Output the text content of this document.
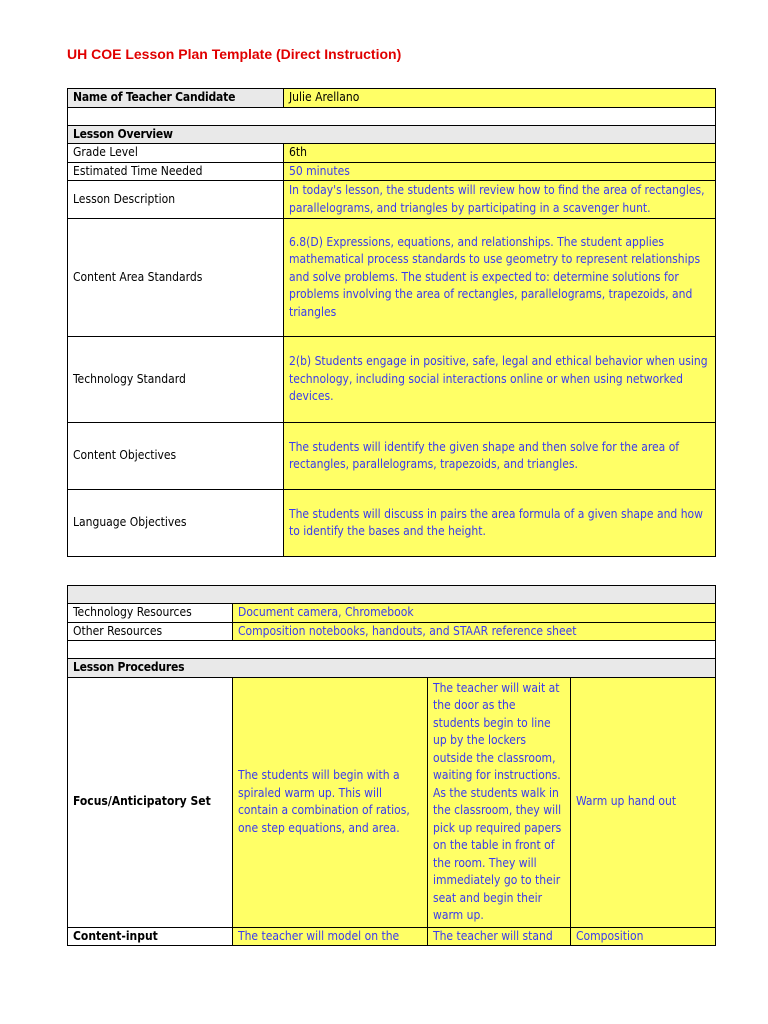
UH COE Lesson Plan Template (Direct Instruction)
Name of Teacher Candidate	Julie Arellano

Lesson Overview	
Grade Level	6th
Estimated Time Needed	50 minutes
Lesson Description	In today's lesson, the students will review how to find the area of rectangles, parallelograms, and triangles by participating in a scavenger hunt.
Content Area Standards	6.8(D) Expressions, equations, and relationships. The student applies mathematical process standards to use geometry to represent relationships and solve problems. The student is expected to: determine solutions for problems involving the area of rectangles, parallelograms, trapezoids, and triangles
Technology Standard	2(b) Students engage in positive, safe, legal and ethical behavior when using technology, including social interactions online or when using networked devices.
Content Objectives	The students will identify the given shape and then solve for the area of rectangles, parallelograms, trapezoids, and triangles.
Language Objectives	The students will discuss in pairs the area formula of a given shape and how to identify the bases and the height.

Technology Resources	Document camera, Chromebook		
Other Resources	Composition notebooks, handouts, and STAAR reference sheet		

Lesson Procedures			
Focus/Anticipatory Set	The students will begin with a spiraled warm up. This will contain a combination of ratios, one step equations, and area.	The teacher will wait at the door as the students begin to line up by the lockers outside the classroom, waiting for instructions. As the students walk in the classroom, they will pick up required papers on the table in front of the room. They will immediately go to their seat and begin their warm up.	Warm up hand out
Content-input	The teacher will model on the	The teacher will stand	Composition
